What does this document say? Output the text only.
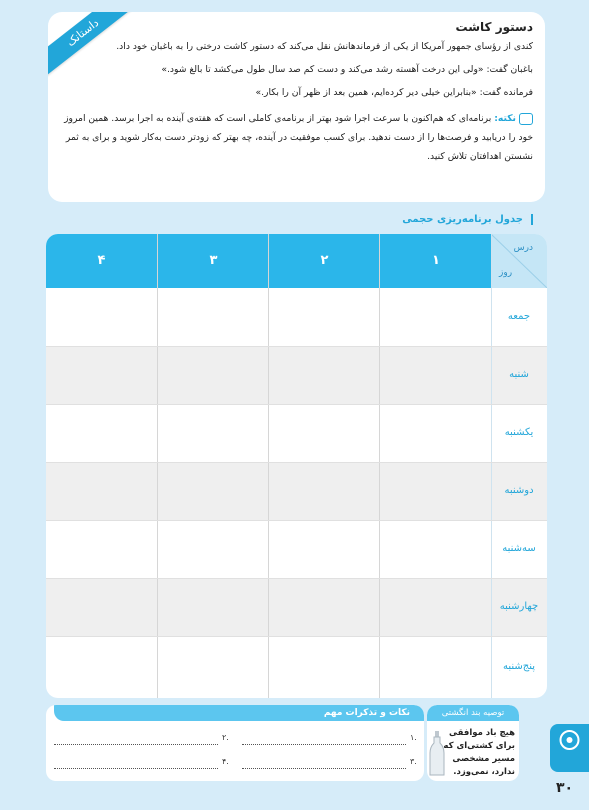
داستانک	دستور کاشت

کندی از رؤسای جمهور آمریکا از یکی از فرماندهانش نقل می‌کند که دستور کاشت درختی را به باغبان خود داد.

باغبان گفت: «ولی این درخت آهسته رشد می‌کند و دست کم صد سال طول می‌کشد تا بالغ شود.»

فرمانده گفت: «بنابراین خیلی دیر کرده‌ایم، همین بعد از ظهر آن را بکار.»

نکته: برنامه‌ای که هم‌اکنون با سرعت اجرا شود بهتر از برنامه‌ی کاملی است که هفته‌ی آینده به اجرا برسد. همین امروز خود را دریابید و فرصت‌ها را از دست ندهید. برای کسب موفقیت در آینده، چه بهتر که زودتر دست به‌کار شوید و برای به ثمر نشستن اهدافتان تلاش کنید.
جدول برنامه‌ریزی حجمی
۱
۲
۳
۴
درس
روز
جمعه
شنبه
یکشنبه
دوشنبه
سه‌شنبه
چهارشنبه
پنج‌شنبه
نکات و تذکرات مهم
۱.
۲.
۳.
۴.
توصیه بند انگشتی
هیچ باد موافقی برای کشتی‌ای که مسیر مشخصی ندارد، نمی‌وزد.
۳۰
